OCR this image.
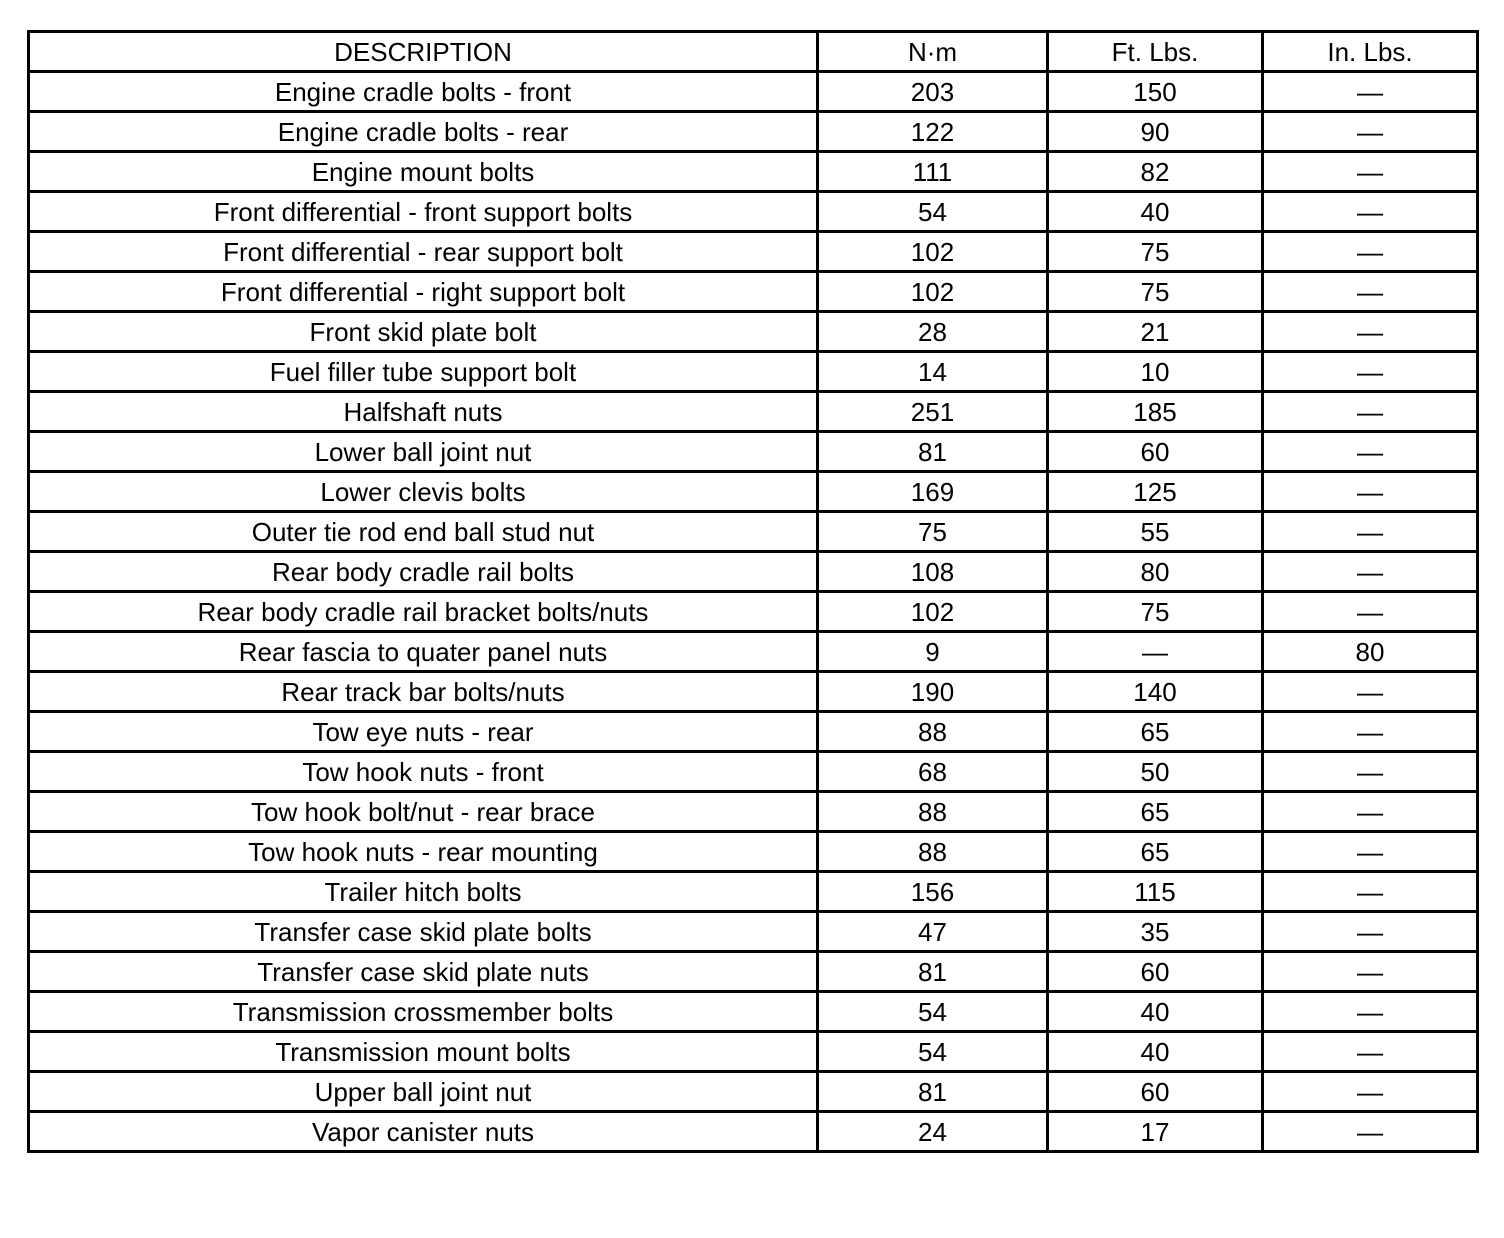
DESCRIPTION	N·m	Ft. Lbs.	In. Lbs.
Engine cradle bolts - front	203	150	—
Engine cradle bolts - rear	122	90	—
Engine mount bolts	111	82	—
Front differential - front support bolts	54	40	—
Front differential - rear support bolt	102	75	—
Front differential - right support bolt	102	75	—
Front skid plate bolt	28	21	—
Fuel filler tube support bolt	14	10	—
Halfshaft nuts	251	185	—
Lower ball joint nut	81	60	—
Lower clevis bolts	169	125	—
Outer tie rod end ball stud nut	75	55	—
Rear body cradle rail bolts	108	80	—
Rear body cradle rail bracket bolts/nuts	102	75	—
Rear fascia to quater panel nuts	9	—	80
Rear track bar bolts/nuts	190	140	—
Tow eye nuts - rear	88	65	—
Tow hook nuts - front	68	50	—
Tow hook bolt/nut - rear brace	88	65	—
Tow hook nuts - rear mounting	88	65	—
Trailer hitch bolts	156	115	—
Transfer case skid plate bolts	47	35	—
Transfer case skid plate nuts	81	60	—
Transmission crossmember bolts	54	40	—
Transmission mount bolts	54	40	—
Upper ball joint nut	81	60	—
Vapor canister nuts	24	17	—
